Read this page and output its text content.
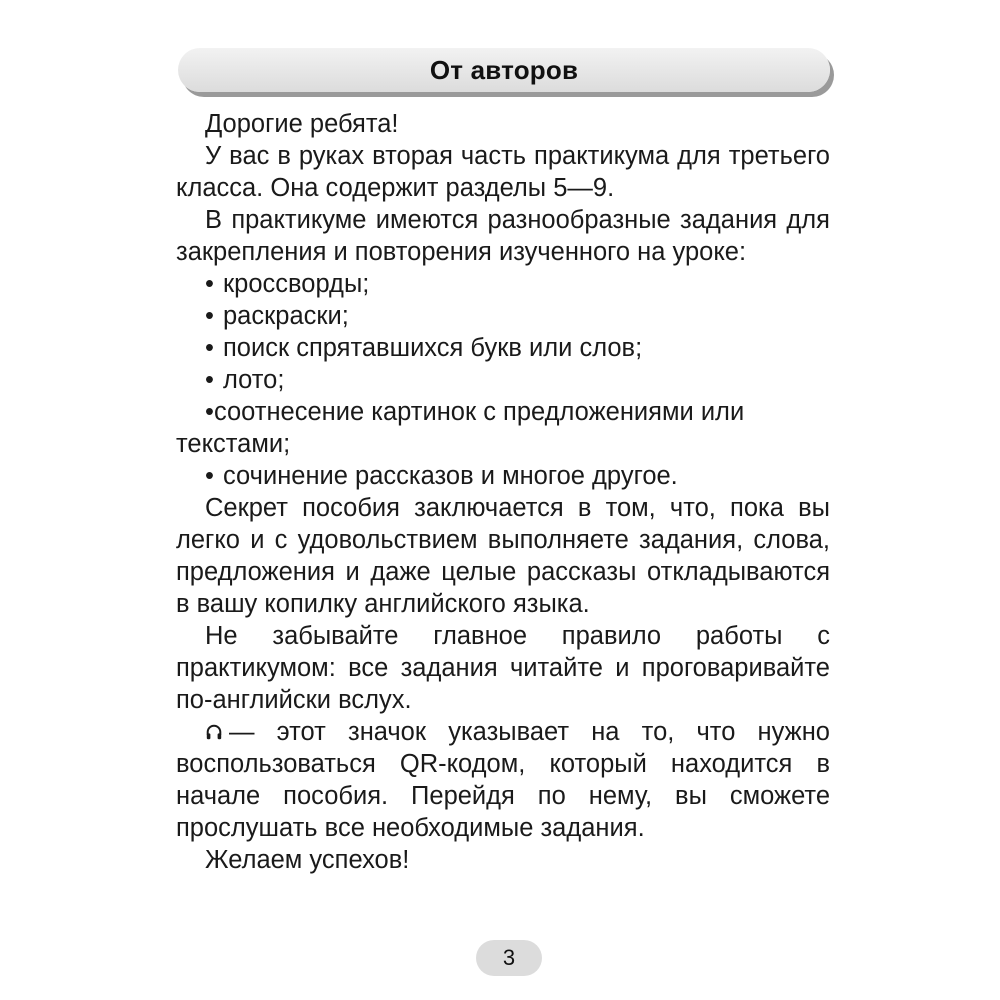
От авторов

Дорогие ребята!

У вас в руках вторая часть практикума для третьего класса. Она содержит разделы 5—9.

В практикуме имеются разнообразные задания для закрепления и повторения изученного на уроке:

• кроссворды;

• раскраски;

• поиск спрятавшихся букв или слов;

• лото;

•соотнесение картинок с предложениями или текстами;

• сочинение рассказов и многое другое.

Секрет пособия заключается в том, что, пока вы легко и с удовольствием выполняете задания, слова, предложения и даже целые рассказы откладываются в вашу копилку английского языка.

Не забывайте главное правило работы с практикумом: все задания читайте и проговаривайте по-английски вслух.

— этот значок указывает на то, что нужно воспользоваться QR-кодом, который находится в начале пособия. Перейдя по нему, вы сможете прослушать все необходимые задания.

Желаем успехов!

3
